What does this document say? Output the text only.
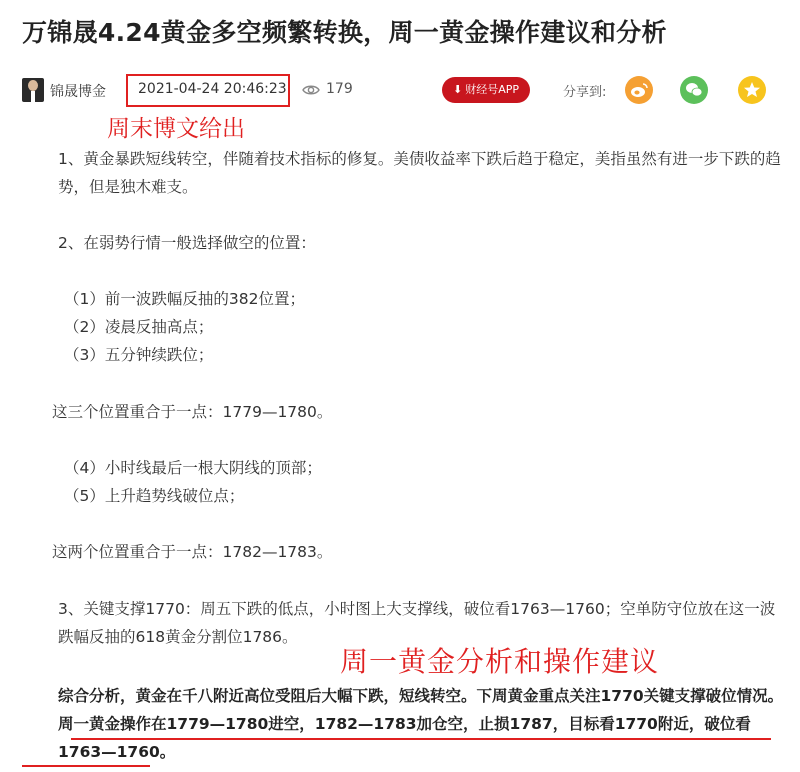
万锦晟4.24黄金多空频繁转换，周一黄金操作建议和分析
锦晟博金 2021-04-24 20:46:23	179	⬇ 财经号APP	分享到:
周末博文给出

1、黄金暴跌短线转空，伴随着技术指标的修复。美债收益率下跌后趋于稳定，美指虽然有进一步下跌的趋势，但是独木难支。

2、在弱势行情一般选择做空的位置：

（1）前一波跌幅反抽的382位置；

（2）凌晨反抽高点；

（3）五分钟续跌位；

这三个位置重合于一点：1779—1780。

（4）小时线最后一根大阴线的顶部；

（5）上升趋势线破位点；

这两个位置重合于一点：1782—1783。

3、关键支撑1770：周五下跌的低点，小时图上大支撑线，破位看1763—1760；空单防守位放在这一波跌幅反抽的618黄金分割位1786。

综合分析，黄金在千八附近高位受阻后大幅下跌，短线转空。下周黄金重点关注1770关键支撑破位情况。周一黄金操作在1779—1780进空，1782—1783加仓空，止损1787，目标看1770附近，破位看1763—1760。

周一黄金分析和操作建议
